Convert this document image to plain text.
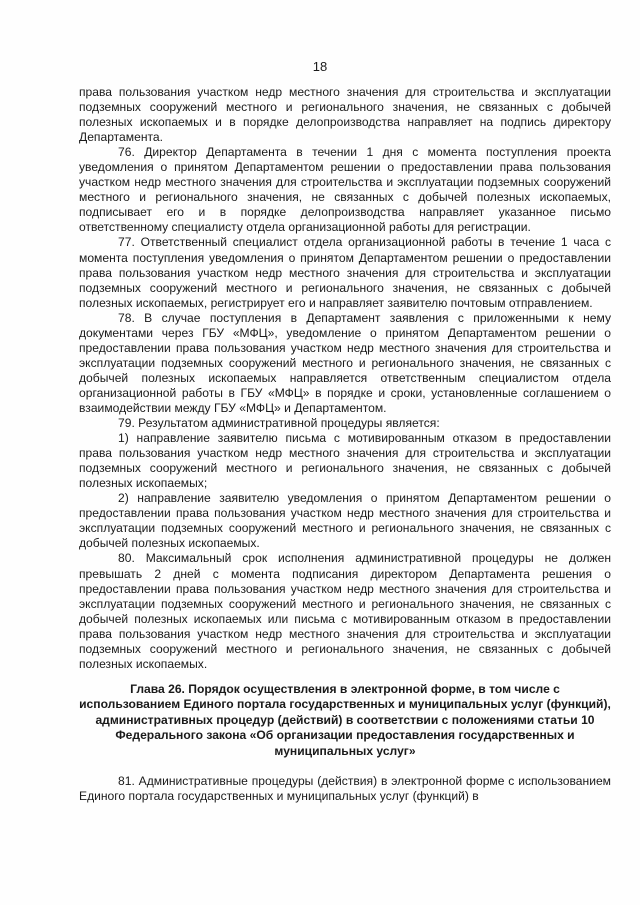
18

права пользования участком недр местного значения для строительства и эксплуатации подземных сооружений местного и регионального значения, не связанных с добычей полезных ископаемых и в порядке делопроизводства направляет на подпись директору Департамента.

76. Директор Департамента в течении 1 дня с момента поступления проекта уведомления о принятом Департаментом решении о предоставлении права пользования участком недр местного значения для строительства и эксплуатации подземных сооружений местного и регионального значения, не связанных с добычей полезных ископаемых, подписывает его и в порядке делопроизводства направляет указанное письмо ответственному специалисту отдела организационной работы для регистрации.

77. Ответственный специалист отдела организационной работы в течение 1 часа с момента поступления уведомления о принятом Департаментом решении о предоставлении права пользования участком недр местного значения для строительства и эксплуатации подземных сооружений местного и регионального значения, не связанных с добычей полезных ископаемых, регистрирует его и направляет заявителю почтовым отправлением.

78. В случае поступления в Департамент заявления с приложенными к нему документами через ГБУ «МФЦ», уведомление о принятом Департаментом решении о предоставлении права пользования участком недр местного значения для строительства и эксплуатации подземных сооружений местного и регионального значения, не связанных с добычей полезных ископаемых направляется ответственным специалистом отдела организационной работы в ГБУ «МФЦ» в порядке и сроки, установленные соглашением о взаимодействии между ГБУ «МФЦ» и Департаментом.

79. Результатом административной процедуры является:

1) направление заявителю письма с мотивированным отказом в предоставлении права пользования участком недр местного значения для строительства и эксплуатации подземных сооружений местного и регионального значения, не связанных с добычей полезных ископаемых;

2) направление заявителю уведомления о принятом Департаментом решении о предоставлении права пользования участком недр местного значения для строительства и эксплуатации подземных сооружений местного и регионального значения, не связанных с добычей полезных ископаемых.

80. Максимальный срок исполнения административной процедуры не должен превышать 2 дней с момента подписания директором Департамента решения о предоставлении права пользования участком недр местного значения для строительства и эксплуатации подземных сооружений местного и регионального значения, не связанных с добычей полезных ископаемых или письма с мотивированным отказом в предоставлении права пользования участком недр местного значения для строительства и эксплуатации подземных сооружений местного и регионального значения, не связанных с добычей полезных ископаемых.

Глава 26. Порядок осуществления в электронной форме, в том числе с использованием Единого портала государственных и муниципальных услуг (функций), административных процедур (действий) в соответствии с положениями статьи 10 Федерального закона «Об организации предоставления государственных и муниципальных услуг»

81. Административные процедуры (действия) в электронной форме с использованием Единого портала государственных и муниципальных услуг (функций) в
